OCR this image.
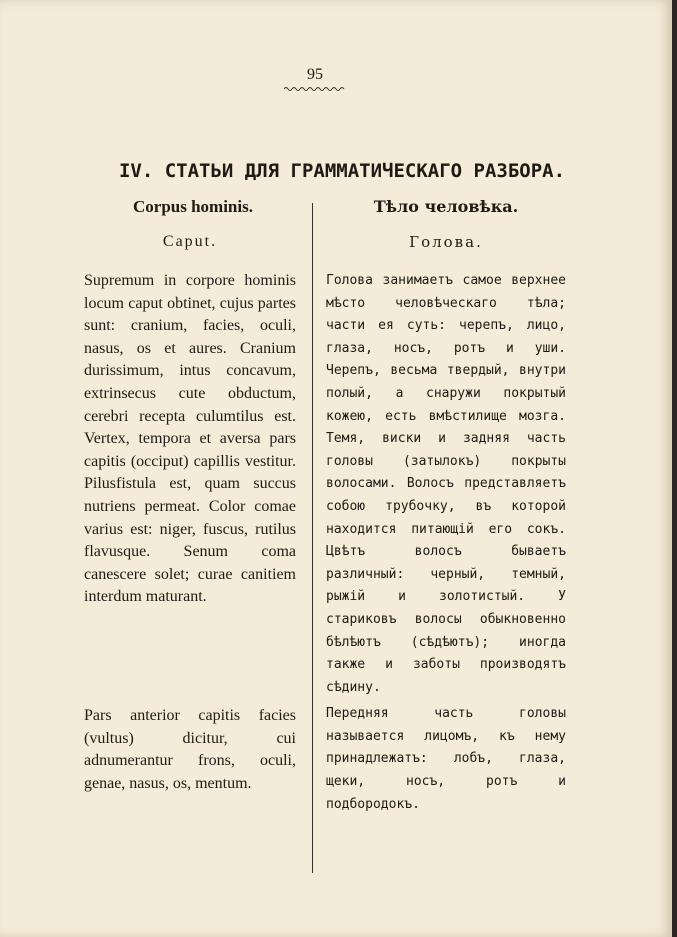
95
IV. СТАТЬИ ДЛЯ ГРАММАТИЧЕСКАГО РАЗБОРА.
Corpus hominis.
Caput.
Supremum in corpore hominis locum caput obtinet, cujus partes sunt: cranium, facies, oculi, nasus, os et aures. Cranium durissimum, intus concavum, extrinsecus cute obductum, cerebri recepta culumtilus est. Vertex, tempora et aversa pars capitis (occiput) capillis vestitur. Pilusfistula est, quam succus nutriens permeat. Color comae varius est: niger, fuscus, rutilus flavusque. Senum coma canescere solet; curae canitiem interdum maturant.
Pars anterior capitis facies (vultus) dicitur, cui adnumerantur frons, oculi, genae, nasus, os, mentum.
Тѣло человѣка.
Голова.
Голова занимаетъ самое верхнее мѣсто человѣческаго тѣла; части ея суть: черепъ, лицо, глаза, носъ, ротъ и уши. Черепъ, весьма твердый, внутри полый, а снаружи покрытый кожею, есть вмѣстилище мозга. Темя, виски и задняя часть головы (затылокъ) покрыты волосами. Волосъ представляетъ собою трубочку, въ которой находится питающій его сокъ. Цвѣтъ волосъ бываетъ различный: черный, темный, рыжій и золотистый. У стариковъ волосы обыкновенно бѣлѣютъ (сѣдѣютъ); иногда также и заботы производятъ сѣдину.
Передняя часть головы называется лицомъ, къ нему принадлежатъ: лобъ, глаза, щеки, носъ, ротъ и подбородокъ.
